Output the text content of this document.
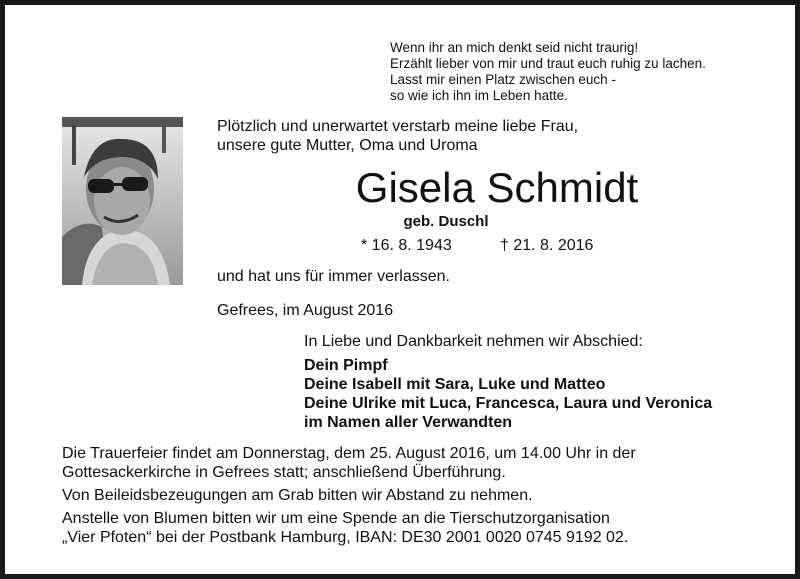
Wenn ihr an mich denkt seid nicht traurig!
Erzählt lieber von mir und traut euch ruhig zu lachen.
Lasst mir einen Platz zwischen euch -
so wie ich ihn im Leben hatte.
Plötzlich und unerwartet verstarb meine liebe Frau,
unsere gute Mutter, Oma und Uroma
Gisela Schmidt
geb. Duschl
* 16. 8. 1943	† 21. 8. 2016
und hat uns für immer verlassen.
Gefrees, im August 2016
In Liebe und Dankbarkeit nehmen wir Abschied:
Dein Pimpf
Deine Isabell mit Sara, Luke und Matteo
Deine Ulrike mit Luca, Francesca, Laura und Veronica
im Namen aller Verwandten
Die Trauerfeier findet am Donnerstag, dem 25. August 2016, um 14.00 Uhr in der
Gottesackerkirche in Gefrees statt; anschließend Überführung.
Von Beileidsbezeugungen am Grab bitten wir Abstand zu nehmen.
Anstelle von Blumen bitten wir um eine Spende an die Tierschutzorganisation
„Vier Pfoten“ bei der Postbank Hamburg, IBAN: DE30 2001 0020 0745 9192 02.
